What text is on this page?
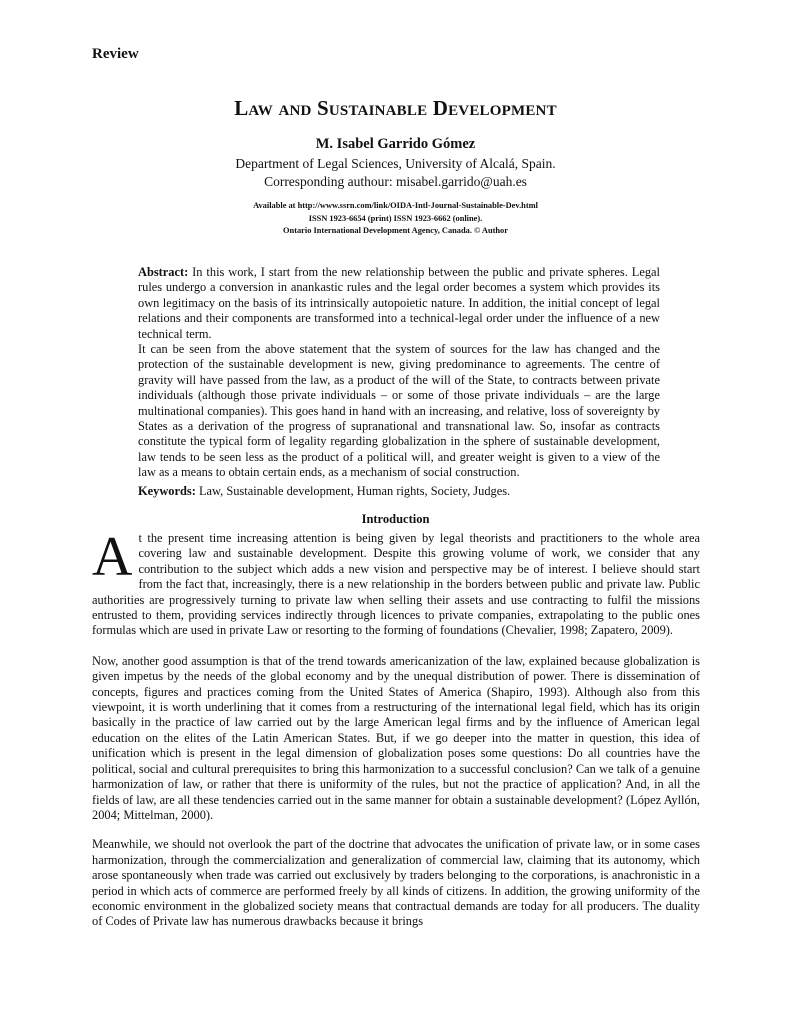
Review
Law and Sustainable Development
M. Isabel Garrido Gómez
Department of Legal Sciences, University of Alcalá, Spain.
Corresponding authour: misabel.garrido@uah.es
Available at http://www.ssrn.com/link/OIDA-Intl-Journal-Sustainable-Dev.html
ISSN 1923-6654 (print) ISSN 1923-6662 (online).
Ontario International Development Agency, Canada. © Author

Abstract: In this work, I start from the new relationship between the public and private spheres. Legal rules undergo a conversion in anankastic rules and the legal order becomes a system which provides its own legitimacy on the basis of its intrinsically autopoietic nature. In addition, the initial concept of legal relations and their components are transformed into a technical-legal order under the influence of a new technical term.

It can be seen from the above statement that the system of sources for the law has changed and the protection of the sustainable development is new, giving predominance to agreements. The centre of gravity will have passed from the law, as a product of the will of the State, to contracts between private individuals (although those private individuals – or some of those private individuals – are the large multinational companies). This goes hand in hand with an increasing, and relative, loss of sovereignty by States as a derivation of the progress of supranational and transnational law. So, insofar as contracts constitute the typical form of legality regarding globalization in the sphere of sustainable development, law tends to be seen less as the product of a political will, and greater weight is given to a view of the law as a means to obtain certain ends, as a mechanism of social construction.

Keywords: Law, Sustainable development, Human rights, Society, Judges.

Introduction

At the present time increasing attention is being given by legal theorists and practitioners to the whole area covering law and sustainable development. Despite this growing volume of work, we consider that any contribution to the subject which adds a new vision and perspective may be of interest. I believe should start from the fact that, increasingly, there is a new relationship in the borders between public and private law. Public authorities are progressively turning to private law when selling their assets and use contracting to fulfil the missions entrusted to them, providing services indirectly through licences to private companies, extrapolating to the public ones formulas which are used in private Law or resorting to the forming of foundations (Chevalier, 1998; Zapatero, 2009).

Now, another good assumption is that of the trend towards americanization of the law, explained because globalization is given impetus by the needs of the global economy and by the unequal distribution of power. There is dissemination of concepts, figures and practices coming from the United States of America (Shapiro, 1993). Although also from this viewpoint, it is worth underlining that it comes from a restructuring of the international legal field, which has its origin basically in the practice of law carried out by the large American legal firms and by the influence of American legal education on the elites of the Latin American States. But, if we go deeper into the matter in question, this idea of unification which is present in the legal dimension of globalization poses some questions: Do all countries have the political, social and cultural prerequisites to bring this harmonization to a successful conclusion? Can we talk of a genuine harmonization of law, or rather that there is uniformity of the rules, but not the practice of application? And, in all the fields of law, are all these tendencies carried out in the same manner for obtain a sustainable development? (López Ayllón, 2004; Mittelman, 2000).

Meanwhile, we should not overlook the part of the doctrine that advocates the unification of private law, or in some cases harmonization, through the commercialization and generalization of commercial law, claiming that its autonomy, which arose spontaneously when trade was carried out exclusively by traders belonging to the corporations, is anachronistic in a period in which acts of commerce are performed freely by all kinds of citizens. In addition, the growing uniformity of the economic environment in the globalized society means that contractual demands are today for all producers. The duality of Codes of Private law has numerous drawbacks because it brings
